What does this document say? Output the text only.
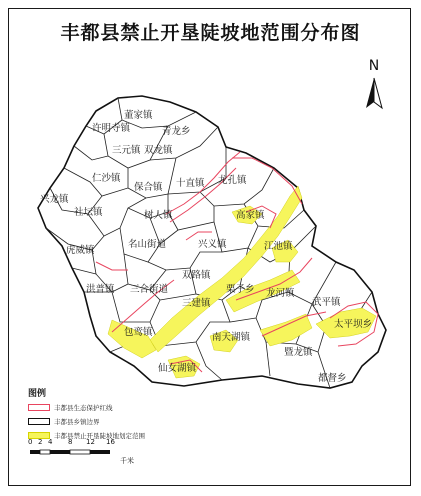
丰都县禁止开垦陡坡地范围分布图
董家镇
许明寺镇	青龙乡
三元镇 双龙镇
仁沙镇
保合镇 十直镇 龙孔镇
兴龙镇
社坛镇	树人镇	高家镇
名山街道	兴义镇
虎威镇	江池镇
双路镇
洪普镇 三合街道	栗子乡 龙河镇
武平镇
三建镇
太平坝乡
包鸾镇	南天湖镇
暨龙镇
仙女湖镇
都督乡
N
图例
丰都县生态保护红线
丰都县乡镇边界
丰都县禁止开垦陡坡地划定范围
0 2 4 8 12 16
千米
